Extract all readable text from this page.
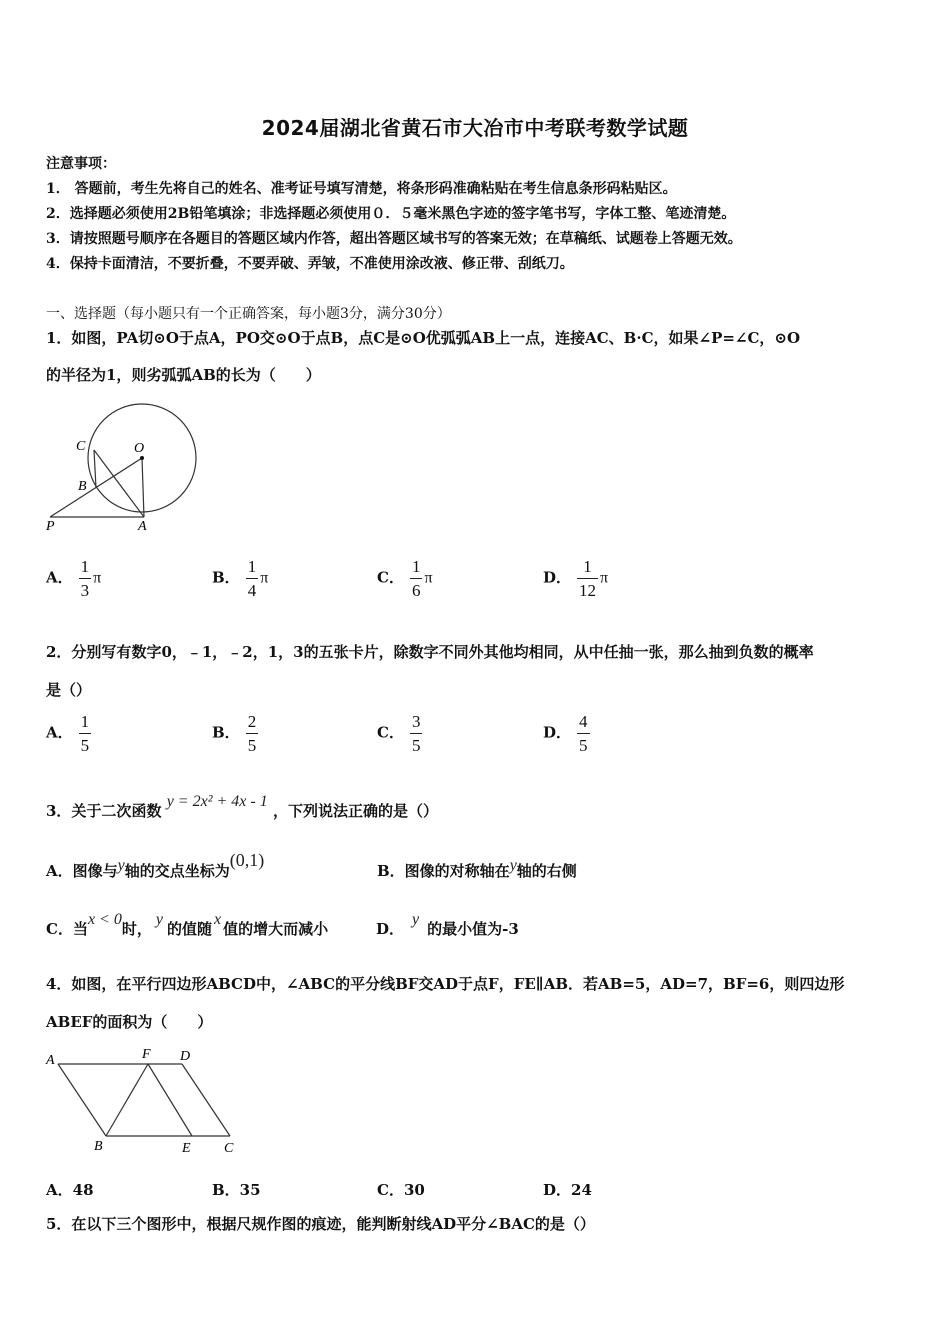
2024届湖北省黄石市大冶市中考联考数学试题
注意事项：
1． 答题前，考生先将自己的姓名、准考证号填写清楚，将条形码准确粘贴在考生信息条形码粘贴区。
2．选择题必须使用2B铅笔填涂；非选择题必须使用０．５毫米黑色字迹的签字笔书写，字体工整、笔迹清楚。
3．请按照题号顺序在各题目的答题区域内作答，超出答题区域书写的答案无效；在草稿纸、试题卷上答题无效。
4．保持卡面清洁，不要折叠，不要弄破、弄皱，不准使用涂改液、修正带、刮纸刀。
一、选择题（每小题只有一个正确答案，每小题3分，满分30分）
1．如图，PA切⊙O于点A，PO交⊙O于点B，点C是⊙O优弧弧AB上一点，连接AC、B·C，如果∠P=∠C，⊙O
的半径为1，则劣弧弧AB的长为（　　）
C	O
B
P	A
A． $\frac{1}{3}$ π	B． $\frac{1}{4}$ π	C． $\frac{1}{6}$ π	D． $\frac{1}{12}$ π
2．分别写有数字0，﹣1，﹣2，1，3的五张卡片，除数字不同外其他均相同，从中任抽一张，那么抽到负数的概率
是（）
A． $\frac{1}{5}$	B． $\frac{2}{5}$	C． $\frac{3}{5}$	D． $\frac{4}{5}$
3．关于二次函数 y = 2x² + 4x - 1 ，下列说法正确的是（）
A．图像与y轴的交点坐标为(0,1)
B．图像的对称轴在y轴的右侧
C．当x < 0时，y的值随x值的增大而减小	D．y的最小值为-3
4．如图，在平行四边形ABCD中，∠ABC的平分线BF交AD于点F，FE∥AB．若AB=5，AD=7，BF=6，则四边形
ABEF的面积为（　　）
A	F D
B	E C
A．48	B．35	C．30	D．24
5．在以下三个图形中，根据尺规作图的痕迹，能判断射线AD平分∠BAC的是（）
